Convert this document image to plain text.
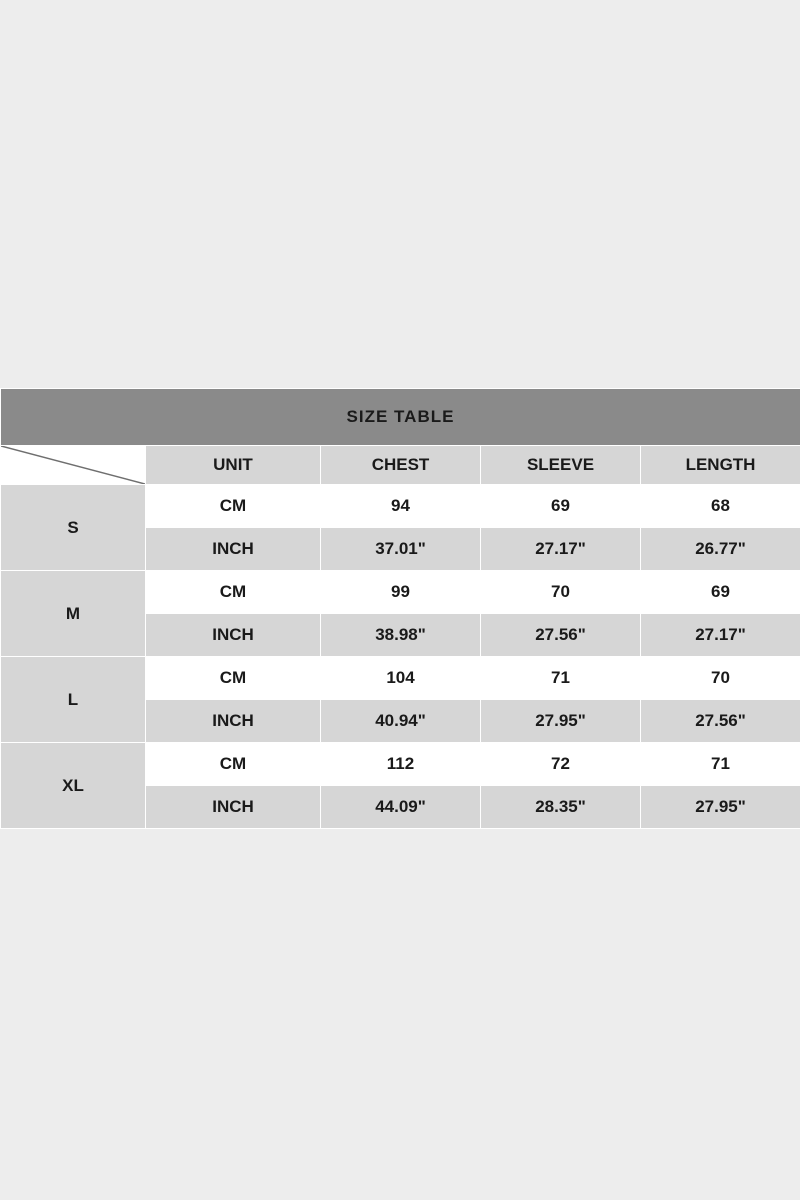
SIZE TABLE				

	UNIT	CHEST	SLEEVE	LENGTH
S	CM	94	69	68
	INCH	37.01"	27.17"	26.77"
M	CM	99	70	69
	INCH	38.98"	27.56"	27.17"
L	CM	104	71	70
	INCH	40.94"	27.95"	27.56"
XL	CM	112	72	71
	INCH	44.09"	28.35"	27.95"
